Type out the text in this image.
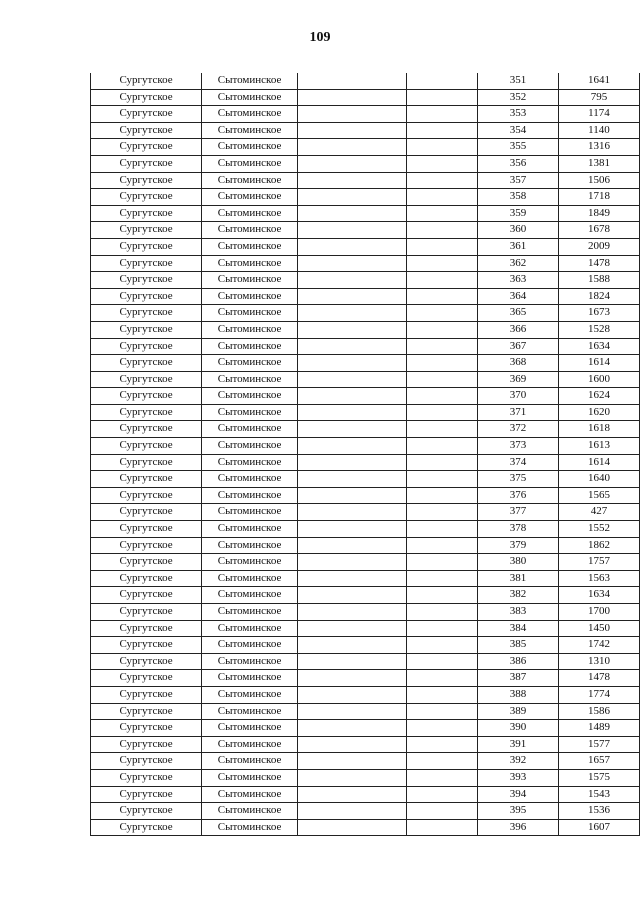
109
Сургутское	Сытоминское			351	1641
Сургутское	Сытоминское			352	795
Сургутское	Сытоминское			353	1174
Сургутское	Сытоминское			354	1140
Сургутское	Сытоминское			355	1316
Сургутское	Сытоминское			356	1381
Сургутское	Сытоминское			357	1506
Сургутское	Сытоминское			358	1718
Сургутское	Сытоминское			359	1849
Сургутское	Сытоминское			360	1678
Сургутское	Сытоминское			361	2009
Сургутское	Сытоминское			362	1478
Сургутское	Сытоминское			363	1588
Сургутское	Сытоминское			364	1824
Сургутское	Сытоминское			365	1673
Сургутское	Сытоминское			366	1528
Сургутское	Сытоминское			367	1634
Сургутское	Сытоминское			368	1614
Сургутское	Сытоминское			369	1600
Сургутское	Сытоминское			370	1624
Сургутское	Сытоминское			371	1620
Сургутское	Сытоминское			372	1618
Сургутское	Сытоминское			373	1613
Сургутское	Сытоминское			374	1614
Сургутское	Сытоминское			375	1640
Сургутское	Сытоминское			376	1565
Сургутское	Сытоминское			377	427
Сургутское	Сытоминское			378	1552
Сургутское	Сытоминское			379	1862
Сургутское	Сытоминское			380	1757
Сургутское	Сытоминское			381	1563
Сургутское	Сытоминское			382	1634
Сургутское	Сытоминское			383	1700
Сургутское	Сытоминское			384	1450
Сургутское	Сытоминское			385	1742
Сургутское	Сытоминское			386	1310
Сургутское	Сытоминское			387	1478
Сургутское	Сытоминское			388	1774
Сургутское	Сытоминское			389	1586
Сургутское	Сытоминское			390	1489
Сургутское	Сытоминское			391	1577
Сургутское	Сытоминское			392	1657
Сургутское	Сытоминское			393	1575
Сургутское	Сытоминское			394	1543
Сургутское	Сытоминское			395	1536
Сургутское	Сытоминское			396	1607
